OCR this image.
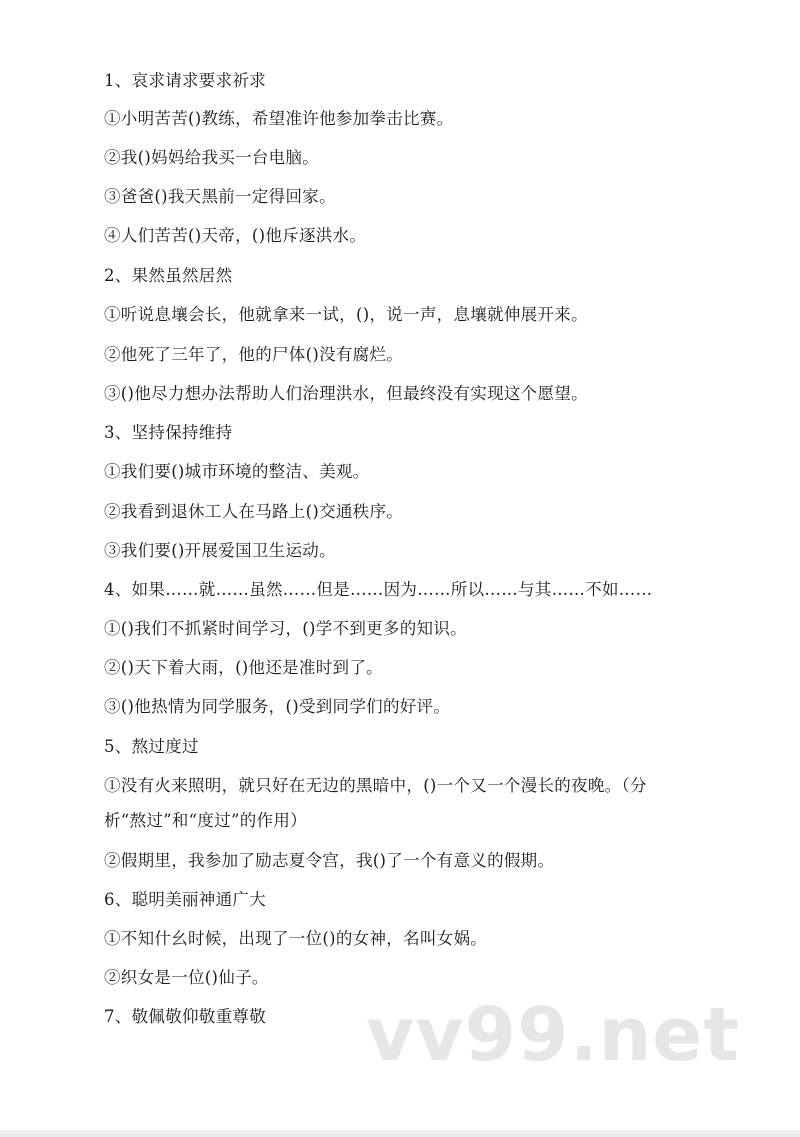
1、哀求请求要求祈求

①小明苦苦()教练，希望准许他参加拳击比赛。

②我()妈妈给我买一台电脑。

③爸爸()我天黑前一定得回家。

④人们苦苦()天帝，()他斥逐洪水。

2、果然虽然居然

①听说息壤会长，他就拿来一试，()，说一声，息壤就伸展开来。

②他死了三年了，他的尸体()没有腐烂。

③()他尽力想办法帮助人们治理洪水，但最终没有实现这个愿望。

3、坚持保持维持

①我们要()城市环境的整洁、美观。

②我看到退休工人在马路上()交通秩序。

③我们要()开展爱国卫生运动。

4、如果……就……虽然……但是……因为……所以……与其……不如……

①()我们不抓紧时间学习，()学不到更多的知识。

②()天下着大雨，()他还是准时到了。

③()他热情为同学服务，()受到同学们的好评。

5、熬过度过

①没有火来照明，就只好在无边的黑暗中，()一个又一个漫长的夜晚。（分

析“熬过”和“度过”的作用）

②假期里，我参加了励志夏令宫，我()了一个有意义的假期。

6、聪明美丽神通广大

①不知什幺时候，出现了一位()的女神，名叫女娲。

②织女是一位()仙子。

7、敬佩敬仰敬重尊敬 vv99.net
